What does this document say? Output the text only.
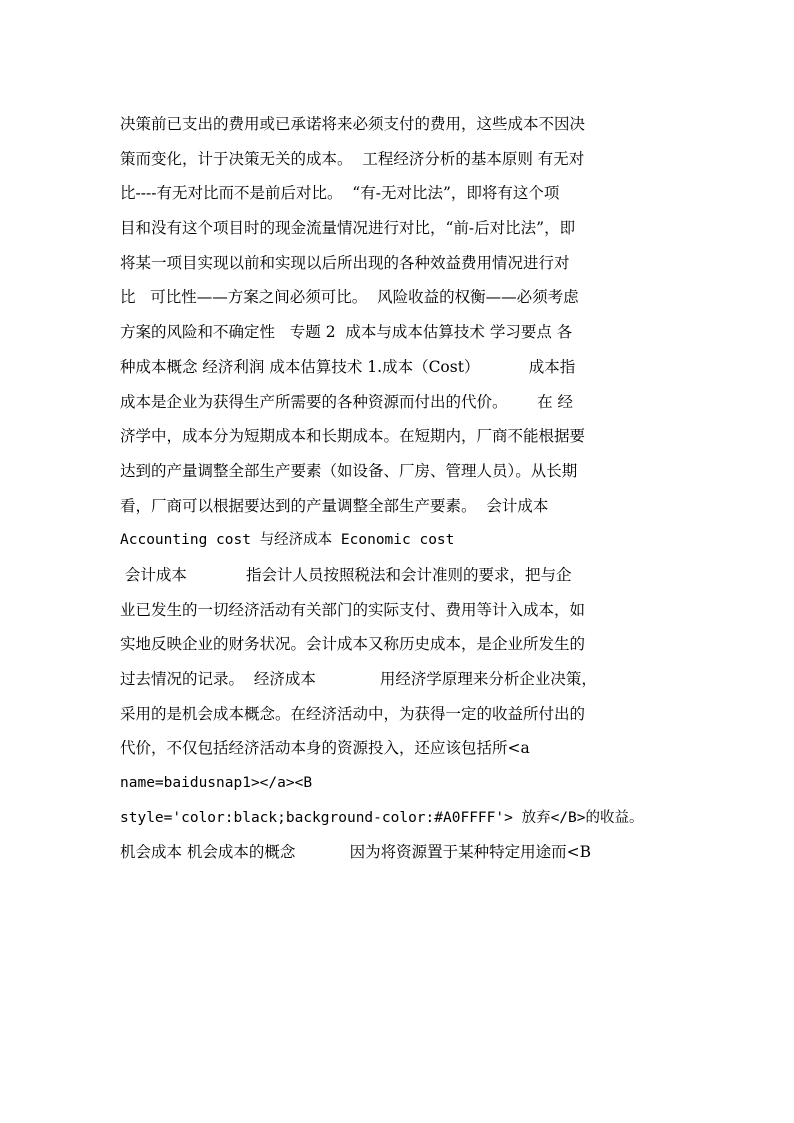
决策前已支出的费用或已承诺将来必须支付的费用，这些成本不因决
策而变化，计于决策无关的成本。  工程经济分析的基本原则 有无对
比----有无对比而不是前后对比。  “有-无对比法”，即将有这个项
目和没有这个项目时的现金流量情况进行对比，“前-后对比法”，即
将某一项目实现以前和实现以后所出现的各种效益费用情况进行对
比   可比性——方案之间必须可比。  风险收益的权衡——必须考虑
方案的风险和不确定性   专题 2  成本与成本估算技术 学习要点 各
种成本概念 经济利润 成本估算技术 1.成本（Cost）          成本指
成本是企业为获得生产所需要的各种资源而付出的代价。      在 经
济学中，成本分为短期成本和长期成本。在短期内，厂商不能根据要
达到的产量调整全部生产要素（如设备、厂房、管理人员）。从长期
看，厂商可以根据要达到的产量调整全部生产要素。  会计成本
Accounting cost 与经济成本 Economic cost
会计成本            指会计人员按照税法和会计准则的要求，把与企
业已发生的一切经济活动有关部门的实际支付、费用等计入成本，如
实地反映企业的财务状况。会计成本又称历史成本，是企业所发生的
过去情况的记录。  经济成本             用经济学原理来分析企业决策，
采用的是机会成本概念。在经济活动中，为获得一定的收益所付出的
代价，不仅包括经济活动本身的资源投入，还应该包括所<a
name=baidusnap1></a><B
style='color:black;background-color:#A0FFFF'> 放弃</B>的收益。
机会成本 机会成本的概念           因为将资源置于某种特定用途而<B
